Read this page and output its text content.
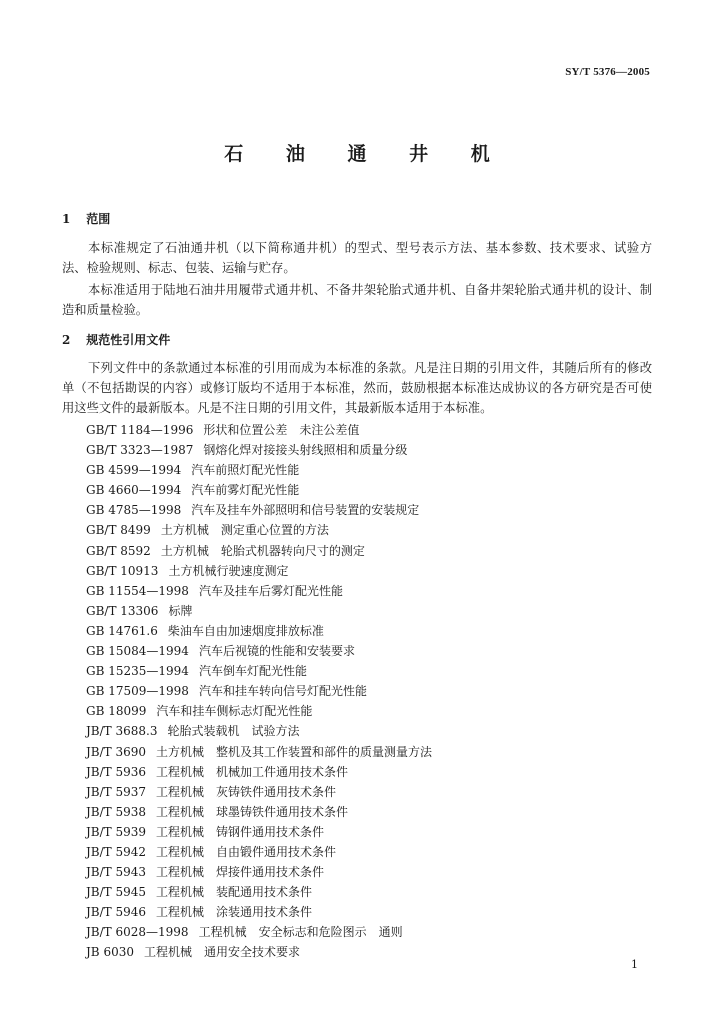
SY/T 5376—2005
石 油 通 井 机
1 范围
本标准规定了石油通井机（以下简称通井机）的型式、型号表示方法、基本参数、技术要求、试验方法、检验规则、标志、包装、运输与贮存。
本标准适用于陆地石油井用履带式通井机、不备井架轮胎式通井机、自备井架轮胎式通井机的设计、制造和质量检验。
2 规范性引用文件
下列文件中的条款通过本标准的引用而成为本标准的条款。凡是注日期的引用文件，其随后所有的修改单（不包括勘误的内容）或修订版均不适用于本标准，然而，鼓励根据本标准达成协议的各方研究是否可使用这些文件的最新版本。凡是不注日期的引用文件，其最新版本适用于本标准。
GB/T 1184—1996 形状和位置公差　未注公差值
GB/T 3323—1987 钢熔化焊对接接头射线照相和质量分级
GB 4599—1994 汽车前照灯配光性能
GB 4660—1994 汽车前雾灯配光性能
GB 4785—1998 汽车及挂车外部照明和信号装置的安装规定
GB/T 8499 土方机械　测定重心位置的方法
GB/T 8592 土方机械　轮胎式机器转向尺寸的测定
GB/T 10913 土方机械行驶速度测定
GB 11554—1998 汽车及挂车后雾灯配光性能
GB/T 13306 标牌
GB 14761.6 柴油车自由加速烟度排放标准
GB 15084—1994 汽车后视镜的性能和安装要求
GB 15235—1994 汽车倒车灯配光性能
GB 17509—1998 汽车和挂车转向信号灯配光性能
GB 18099 汽车和挂车侧标志灯配光性能
JB/T 3688.3 轮胎式装载机　试验方法
JB/T 3690 土方机械　整机及其工作装置和部件的质量测量方法
JB/T 5936 工程机械　机械加工件通用技术条件
JB/T 5937 工程机械　灰铸铁件通用技术条件
JB/T 5938 工程机械　球墨铸铁件通用技术条件
JB/T 5939 工程机械　铸钢件通用技术条件
JB/T 5942 工程机械　自由锻件通用技术条件
JB/T 5943 工程机械　焊接件通用技术条件
JB/T 5945 工程机械　装配通用技术条件
JB/T 5946 工程机械　涂装通用技术条件
JB/T 6028—1998 工程机械　安全标志和危险图示　通则
JB 6030 工程机械　通用安全技术要求
1
